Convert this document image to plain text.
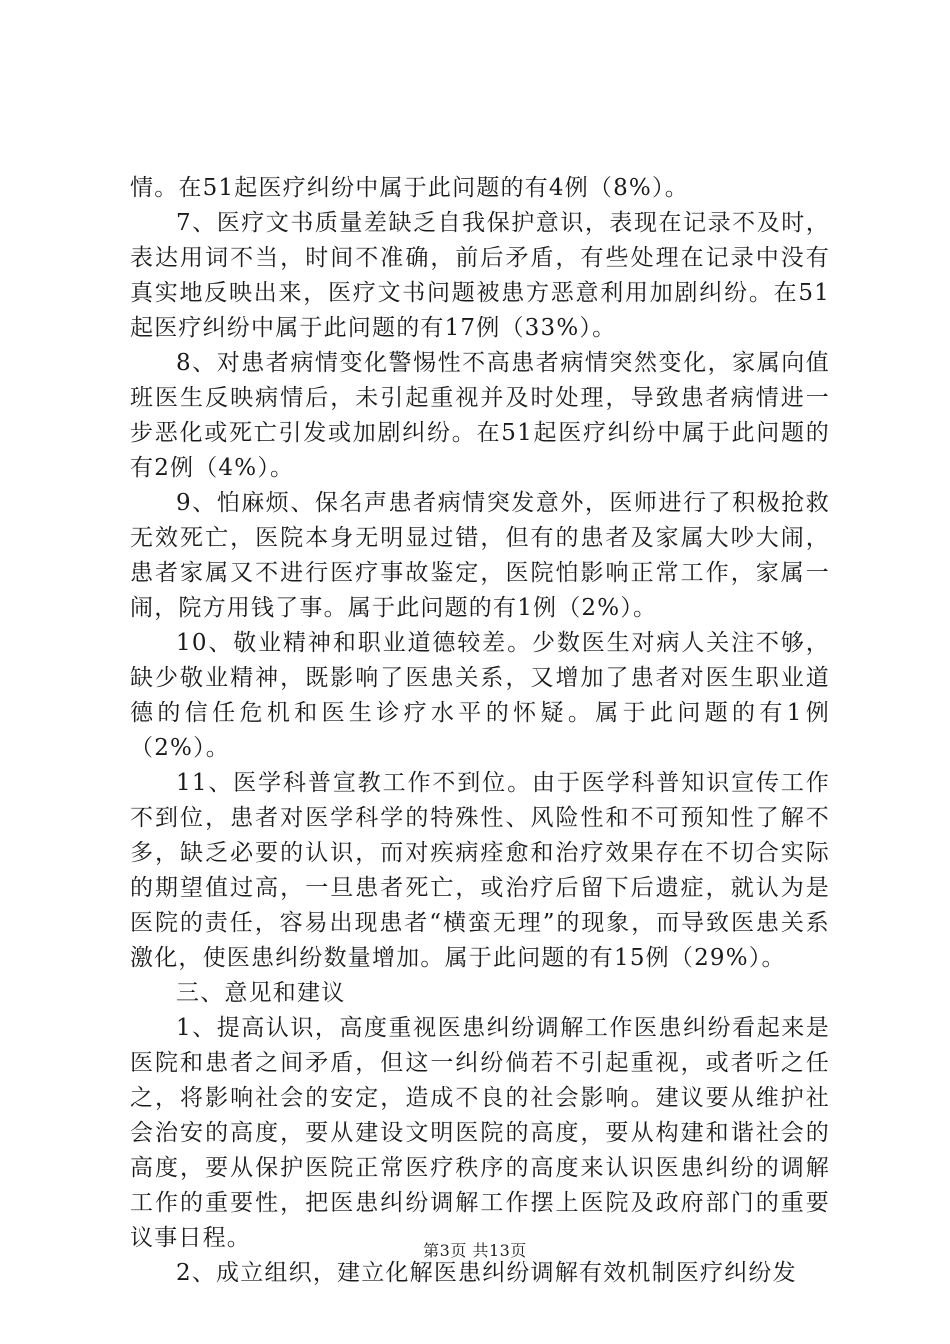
情。在51起医疗纠纷中属于此问题的有4例（8%）。

7、医疗文书质量差缺乏自我保护意识，表现在记录不及时，表达用词不当，时间不准确，前后矛盾，有些处理在记录中没有真实地反映出来，医疗文书问题被患方恶意利用加剧纠纷。在51起医疗纠纷中属于此问题的有17例（33%）。

8、对患者病情变化警惕性不高患者病情突然变化，家属向值班医生反映病情后，未引起重视并及时处理，导致患者病情进一步恶化或死亡引发或加剧纠纷。在51起医疗纠纷中属于此问题的有2例（4%）。

9、怕麻烦、保名声患者病情突发意外，医师进行了积极抢救无效死亡，医院本身无明显过错，但有的患者及家属大吵大闹，患者家属又不进行医疗事故鉴定，医院怕影响正常工作，家属一闹，院方用钱了事。属于此问题的有1例（2%）。

10、敬业精神和职业道德较差。少数医生对病人关注不够，缺少敬业精神，既影响了医患关系，又增加了患者对医生职业道德的信任危机和医生诊疗水平的怀疑。属于此问题的有1例（2%）。

11、医学科普宣教工作不到位。由于医学科普知识宣传工作不到位，患者对医学科学的特殊性、风险性和不可预知性了解不多，缺乏必要的认识，而对疾病痊愈和治疗效果存在不切合实际的期望值过高，一旦患者死亡，或治疗后留下后遗症，就认为是医院的责任，容易出现患者“横蛮无理”的现象，而导致医患关系激化，使医患纠纷数量增加。属于此问题的有15例（29%）。

三、意见和建议

1、提高认识，高度重视医患纠纷调解工作医患纠纷看起来是医院和患者之间矛盾，但这一纠纷倘若不引起重视，或者听之任之，将影响社会的安定，造成不良的社会影响。建议要从维护社会治安的高度，要从建设文明医院的高度，要从构建和谐社会的高度，要从保护医院正常医疗秩序的高度来认识医患纠纷的调解工作的重要性，把医患纠纷调解工作摆上医院及政府部门的重要议事日程。

2、成立组织，建立化解医患纠纷调解有效机制医疗纠纷发

第3页 共13页
